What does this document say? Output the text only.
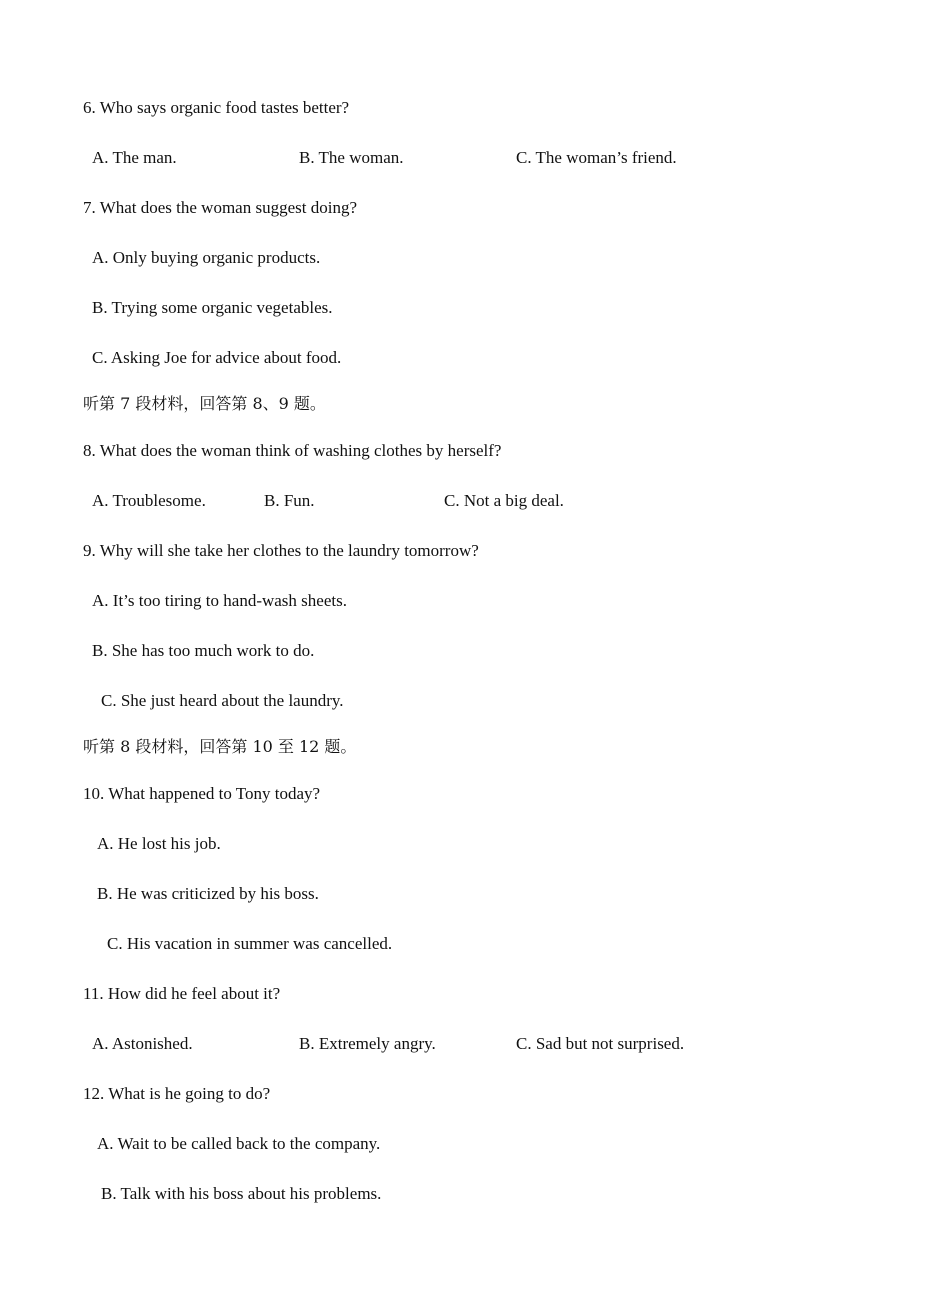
6. Who says organic food tastes better?
A. The man.	B. The woman.	C. The woman’s friend.
7. What does the woman suggest doing?
A. Only buying organic products.
B. Trying some organic vegetables.
C. Asking Joe for advice about food.
听第 7 段材料，回答第 8、9 题。
8. What does the woman think of washing clothes by herself?
A. Troublesome.	B. Fun.	C. Not a big deal.
9. Why will she take her clothes to the laundry tomorrow?
A. It’s too tiring to hand-wash sheets.
B. She has too much work to do.
C. She just heard about the laundry.
听第 8 段材料，回答第 10 至 12 题。
10. What happened to Tony today?
A. He lost his job.
B. He was criticized by his boss.
C. His vacation in summer was cancelled.
11. How did he feel about it?
A. Astonished.	B. Extremely angry.	C. Sad but not surprised.
12. What is he going to do?
A. Wait to be called back to the company.
B. Talk with his boss about his problems.
